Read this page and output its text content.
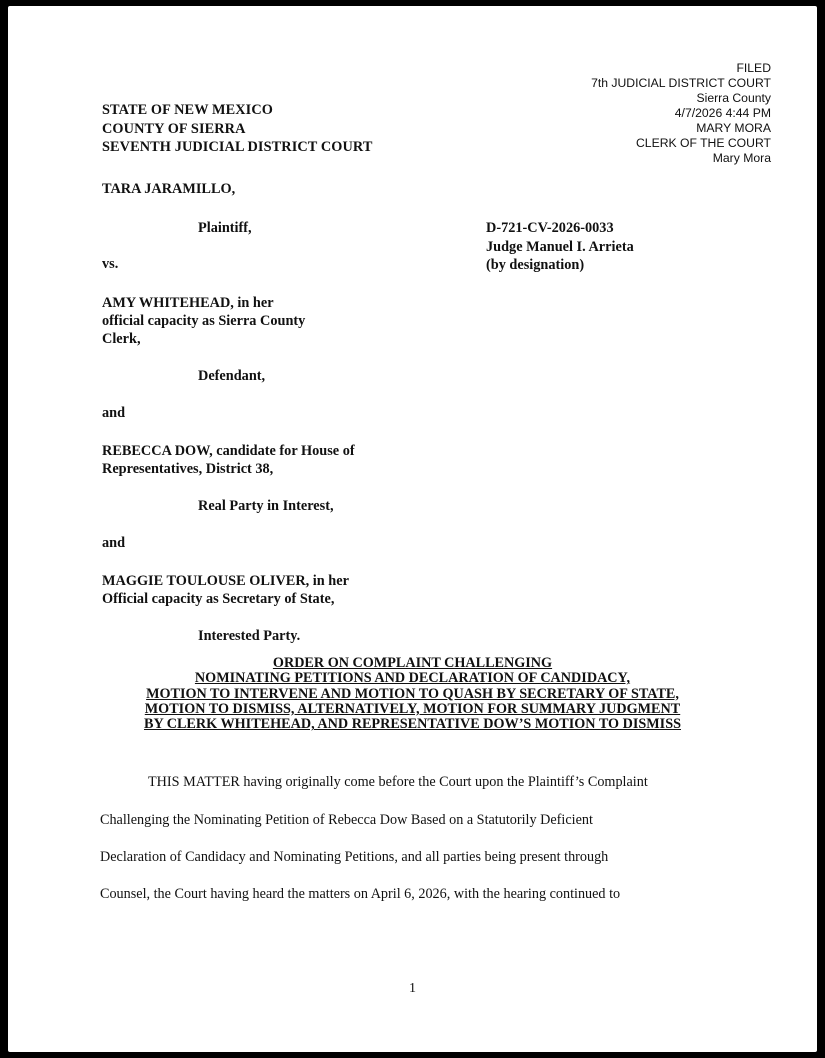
FILED
7th JUDICIAL DISTRICT COURT
Sierra County
4/7/2026 4:44 PM
MARY MORA
CLERK OF THE COURT
Mary Mora
STATE OF NEW MEXICO
COUNTY OF SIERRA
SEVENTH JUDICIAL DISTRICT COURT
TARA JARAMILLO,
Plaintiff,	D-721-CV-2026-0033
Judge Manuel I. Arrieta
(by designation)
vs.
AMY WHITEHEAD, in her
official capacity as Sierra County
Clerk,
Defendant,
and
REBECCA DOW, candidate for House of
Representatives, District 38,
Real Party in Interest,
and
MAGGIE TOULOUSE OLIVER, in her
Official capacity as Secretary of State,
Interested Party.
ORDER ON COMPLAINT CHALLENGING
NOMINATING PETITIONS AND DECLARATION OF CANDIDACY,
MOTION TO INTERVENE AND MOTION TO QUASH BY SECRETARY OF STATE,
MOTION TO DISMISS, ALTERNATIVELY, MOTION FOR SUMMARY JUDGMENT
BY CLERK WHITEHEAD, AND REPRESENTATIVE DOW’S MOTION TO DISMISS
THIS MATTER having originally come before the Court upon the Plaintiff’s Complaint
Challenging the Nominating Petition of Rebecca Dow Based on a Statutorily Deficient
Declaration of Candidacy and Nominating Petitions, and all parties being present through
Counsel, the Court having heard the matters on April 6, 2026, with the hearing continued to
1
